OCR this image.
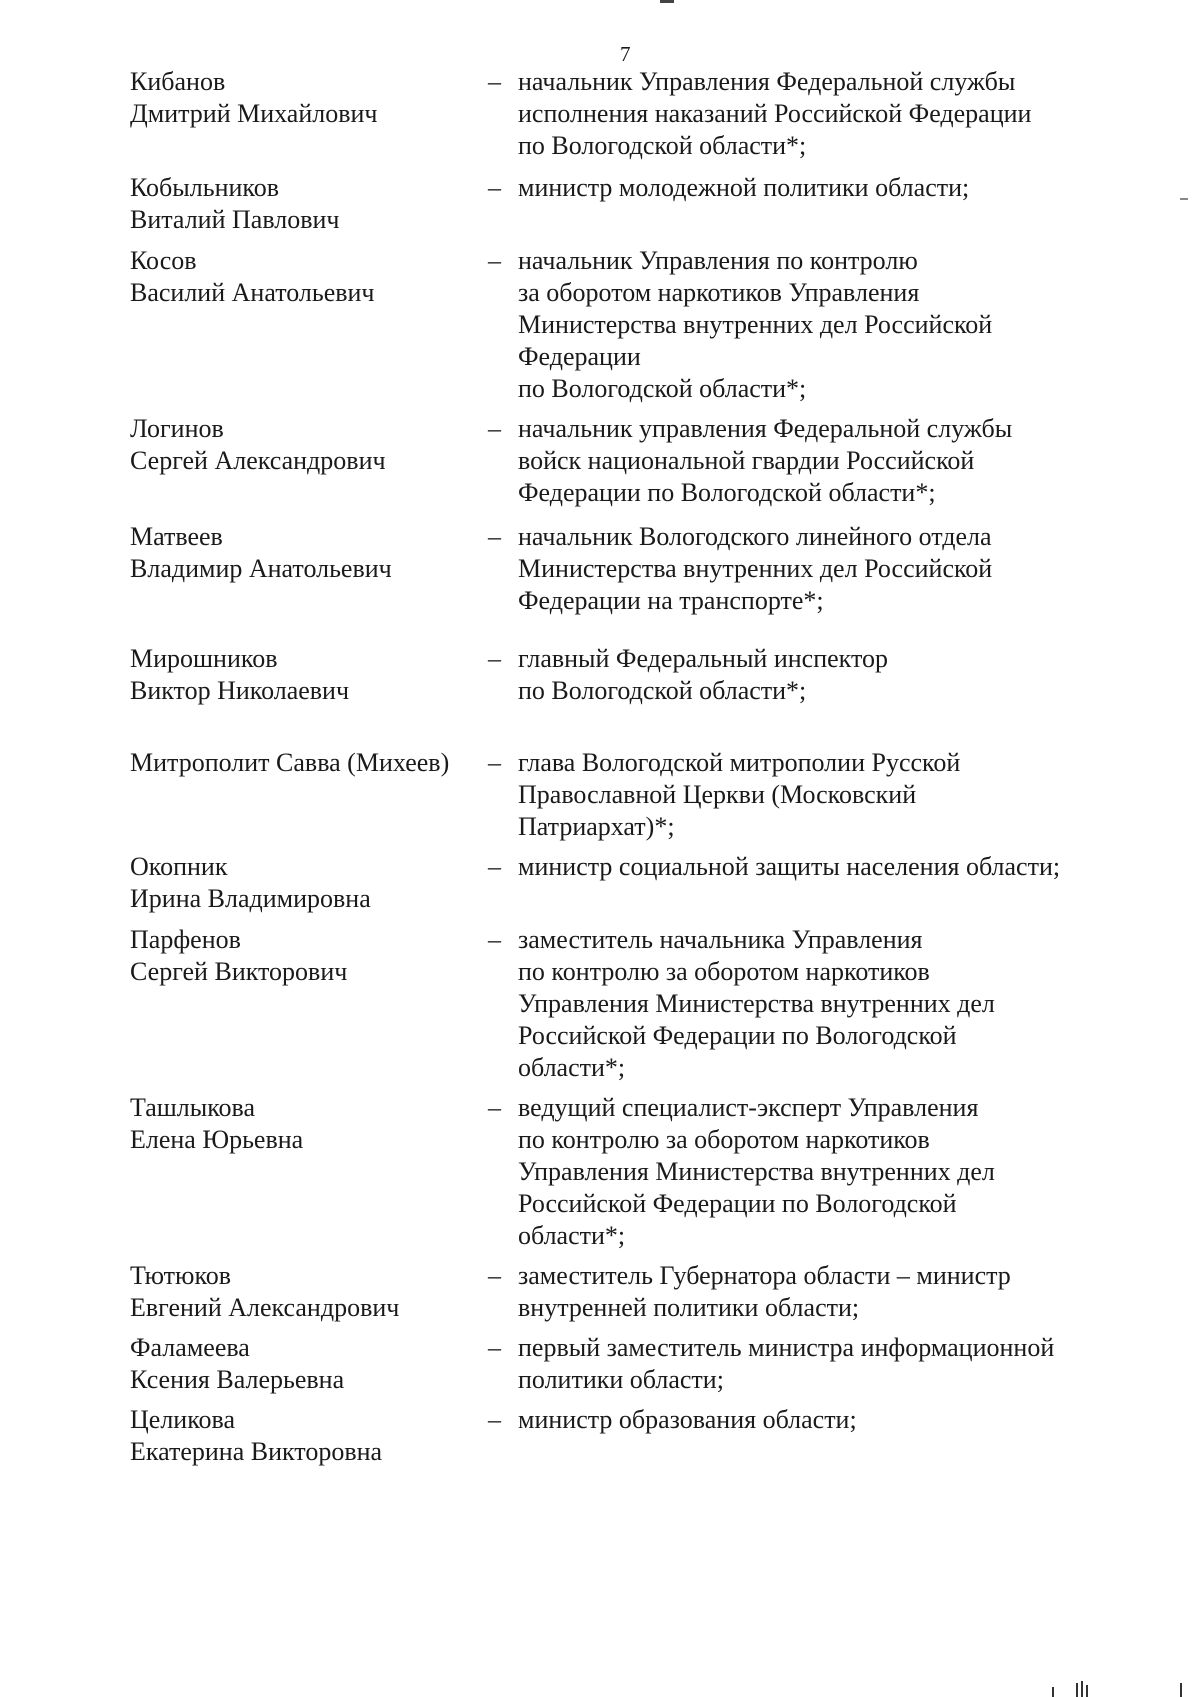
7
Кибанов
Дмитрий Михайлович
– начальник Управления Федеральной службы
исполнения наказаний Российской Федерации
по Вологодской области*;
Кобыльников
Виталий Павлович
– министр молодежной политики области;
Косов
Василий Анатольевич
– начальник Управления по контролю
за оборотом наркотиков Управления
Министерства внутренних дел Российской
Федерации
по Вологодской области*;
Логинов
Сергей Александрович
– начальник управления Федеральной службы
войск национальной гвардии Российской
Федерации по Вологодской области*;
Матвеев
Владимир Анатольевич
– начальник Вологодского линейного отдела
Министерства внутренних дел Российской
Федерации на транспорте*;
Мирошников
Виктор Николаевич
– главный Федеральный инспектор
по Вологодской области*;
Митрополит Савва (Михеев)	– глава Вологодской митрополии Русской
Православной Церкви (Московский
Патриархат)*;
Окопник
Ирина Владимировна
– министр социальной защиты населения области;
Парфенов
Сергей Викторович
– заместитель начальника Управления
по контролю за оборотом наркотиков
Управления Министерства внутренних дел
Российской Федерации по Вологодской
области*;
Ташлыкова
Елена Юрьевна
– ведущий специалист-эксперт Управления
по контролю за оборотом наркотиков
Управления Министерства внутренних дел
Российской Федерации по Вологодской
области*;
Тютюков
Евгений Александрович
– заместитель Губернатора области – министр
внутренней политики области;
Фаламеева
Ксения Валерьевна
– первый заместитель министра информационной
политики области;
Целикова
Екатерина Викторовна
– министр образования области;
